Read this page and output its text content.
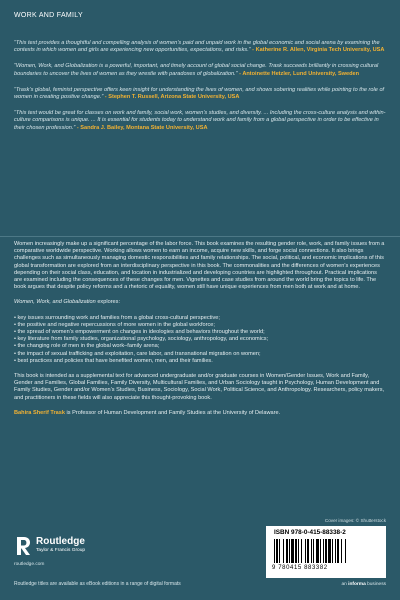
WORK AND FAMILY

“This text provides a thoughtful and compelling analysis of women’s paid and unpaid work in the global economic and social arena by examining the contexts in which women and girls are experiencing new opportunities, expectations, and risks.” - Katherine R. Allen, Virginia Tech University, USA

“Women, Work, and Globalization is a powerful, important, and timely account of global social change. Trask succeeds brilliantly in crossing cultural boundaries to uncover the lives of women as they wrestle with paradoxes of globalization.” - Antoinette Hetzler, Lund University, Sweden

“Trask’s global, feminist perspective offers keen insight for understanding the lives of women, and shows sobering realities while pointing to the role of women in creating positive change.” - Stephen T. Russell, Arizona State University, USA

“This text would be great for classes on work and family, social work, women’s studies, and diversity. ... Including the cross-culture analysis and within-culture comparisons is unique. ... It is essential for students today to understand work and family from a global perspective in order to be effective in their chosen profession.” - Sandra J. Bailey, Montana State University, USA

Women increasingly make up a significant percentage of the labor force. This book examines the resulting gender role, work, and family issues from a comparative worldwide perspective. Working allows women to earn an income, acquire new skills, and forge social connections. It also brings challenges such as simultaneously managing domestic responsibilities and family relationships. The social, political, and economic implications of this global transformation are explored from an interdisciplinary perspective in this book. The commonalities and the differences of women’s experiences depending on their social class, education, and location in industrialized and developing countries are highlighted throughout. Practical implications are examined including the consequences of these changes for men. Vignettes and case studies from around the world bring the topics to life. The book argues that despite policy reforms and a rhetoric of equality, women still have unique experiences from men both at work and at home.

Women, Work, and Globalization explores:

• key issues surrounding work and families from a global cross-cultural perspective;
• the positive and negative repercussions of more women in the global workforce;
• the spread of women’s empowerment on changes in ideologies and behaviors throughout the world;
• key literature from family studies, organizational psychology, sociology, anthropology, and economics;
• the changing role of men in the global work–family arena;
• the impact of sexual trafficking and exploitation, care labor, and transnational migration on women;
• best practices and policies that have benefited women, men, and their families.

This book is intended as a supplemental text for advanced undergraduate and/or graduate courses in Women/Gender Issues, Work and Family, Gender and Families, Global Families, Family Diversity, Multicultural Families, and Urban Sociology taught in Psychology, Human Development and Family Studies, Gender and/or Women’s Studies, Business, Sociology, Social Work, Political Science, and Anthropology. Researchers, policy makers, and practitioners in these fields will also appreciate this thought-provoking book.

Bahira Sherif Trask is Professor of Human Development and Family Studies at the University of Delaware.

Cover images: © Shutterstock
Routledge
Taylor & Francis Group
routledge.com
Routledge titles are available as eBook editions in a range of digital formats
ISBN 978-0-415-88338-2
9 780415 883382
an informa business
